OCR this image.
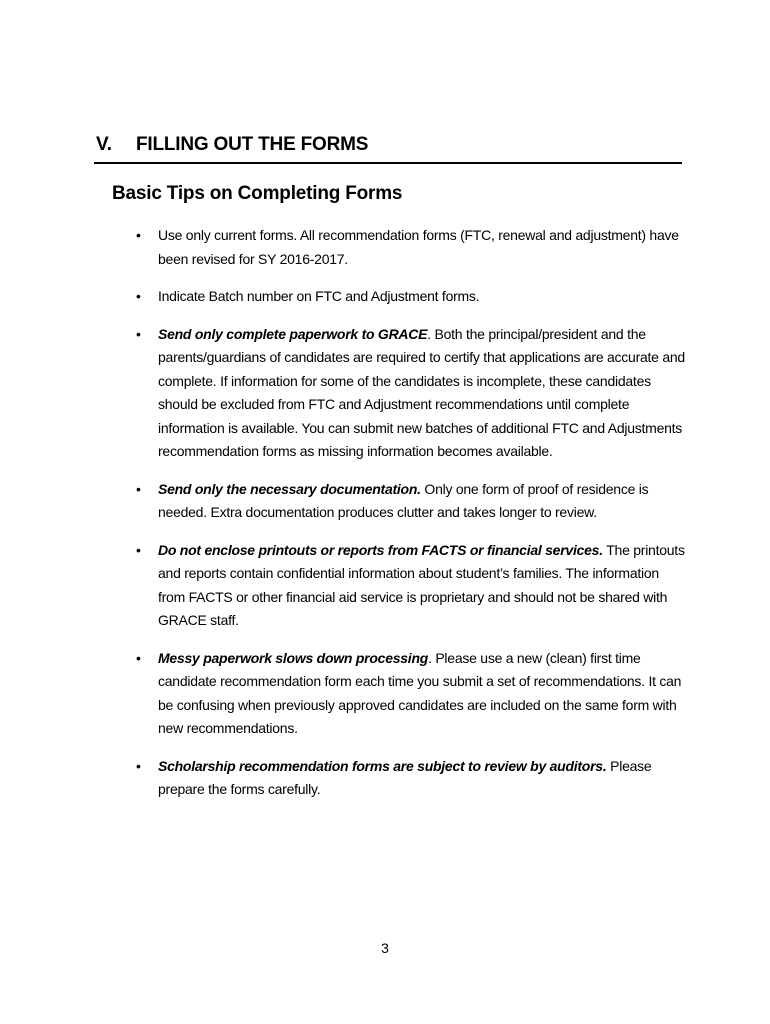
V. FILLING OUT THE FORMS
Basic Tips on Completing Forms
• Use only current forms. All recommendation forms (FTC, renewal and adjustment) have been revised for SY 2016-2017.
• Indicate Batch number on FTC and Adjustment forms.
• Send only complete paperwork to GRACE. Both the principal/president and the parents/guardians of candidates are required to certify that applications are accurate and complete. If information for some of the candidates is incomplete, these candidates should be excluded from FTC and Adjustment recommendations until complete information is available. You can submit new batches of additional FTC and Adjustments recommendation forms as missing information becomes available.
• Send only the necessary documentation. Only one form of proof of residence is needed. Extra documentation produces clutter and takes longer to review.
• Do not enclose printouts or reports from FACTS or financial services. The printouts and reports contain confidential information about student’s families. The information from FACTS or other financial aid service is proprietary and should not be shared with GRACE staff.
• Messy paperwork slows down processing. Please use a new (clean) first time candidate recommendation form each time you submit a set of recommendations. It can be confusing when previously approved candidates are included on the same form with new recommendations.
• Scholarship recommendation forms are subject to review by auditors. Please prepare the forms carefully.
3
